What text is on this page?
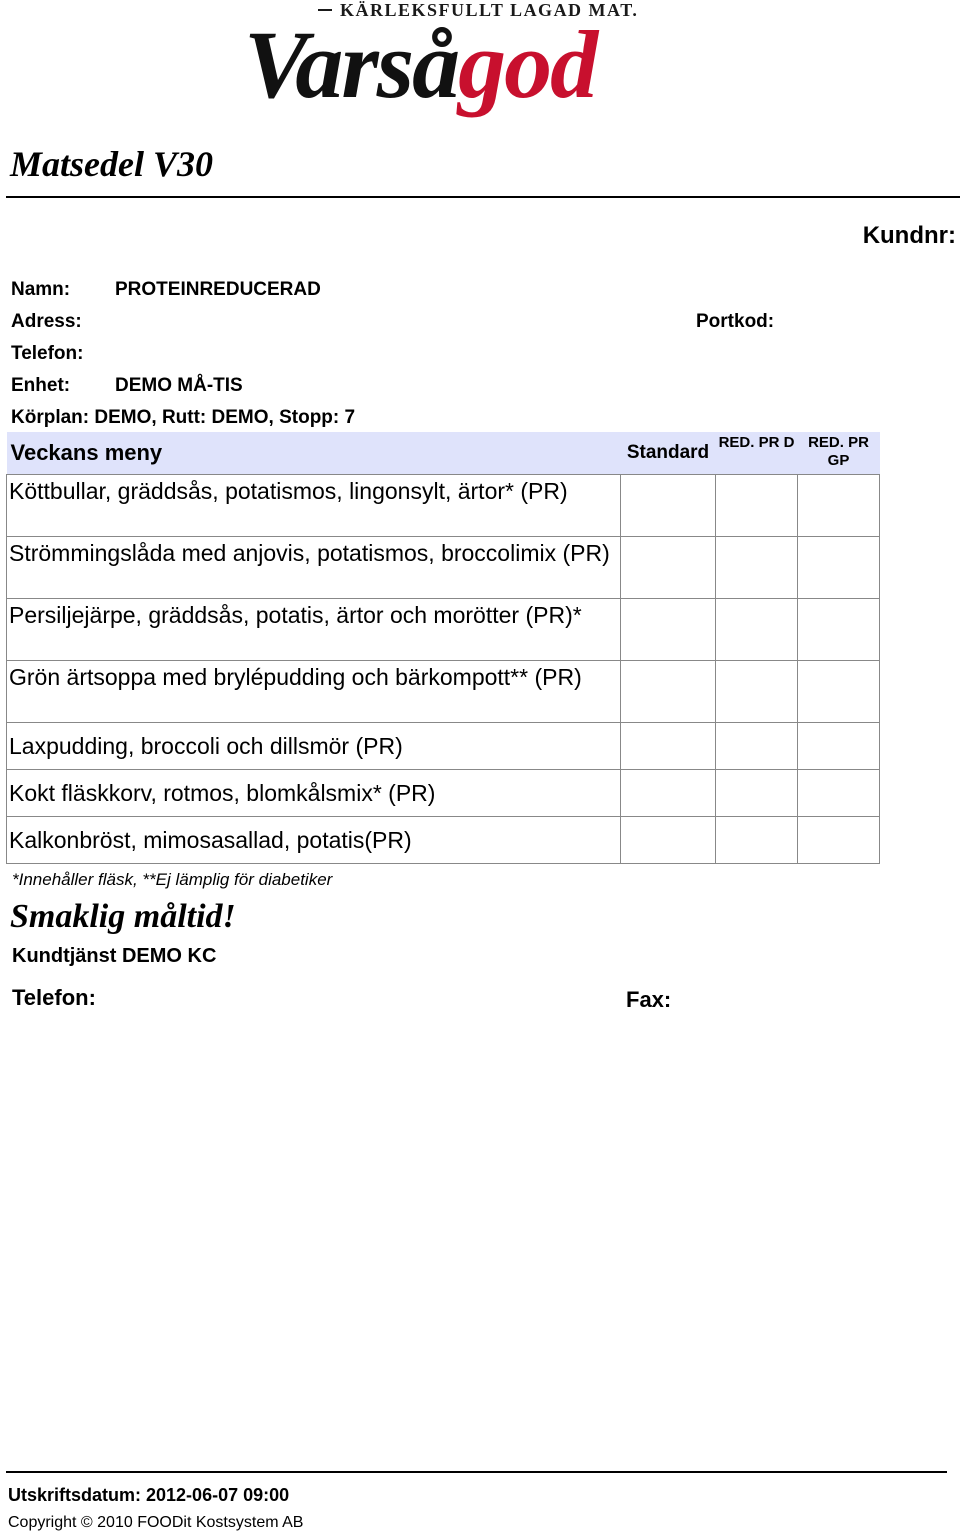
KÄRLEKSFULLT LAGAD MAT.
Varsågod
Matsedel V30
Kundnr:
Namn: PROTEINREDUCERAD
Adress:	Portkod:
Telefon:
Enhet: DEMO MÅ-TIS
Körplan: DEMO, Rutt: DEMO, Stopp: 7
Veckans meny	Standard	RED. PR D	RED. PR GP
Köttbullar, gräddsås, potatismos, lingonsylt, ärtor* (PR)			
Strömmingslåda med anjovis, potatismos, broccolimix (PR)			
Persiljejärpe, gräddsås, potatis, ärtor och morötter (PR)*			
Grön ärtsoppa med brylépudding och bärkompott** (PR)			
Laxpudding, broccoli och dillsmör (PR)			
Kokt fläskkorv, rotmos, blomkålsmix* (PR)			
Kalkonbröst, mimosasallad, potatis(PR)			
*Innehåller fläsk, **Ej lämplig för diabetiker
Smaklig måltid!
Kundtjänst DEMO KC
Telefon:	Fax:
Utskriftsdatum: 2012-06-07 09:00
Copyright © 2010 FOODit Kostsystem AB
